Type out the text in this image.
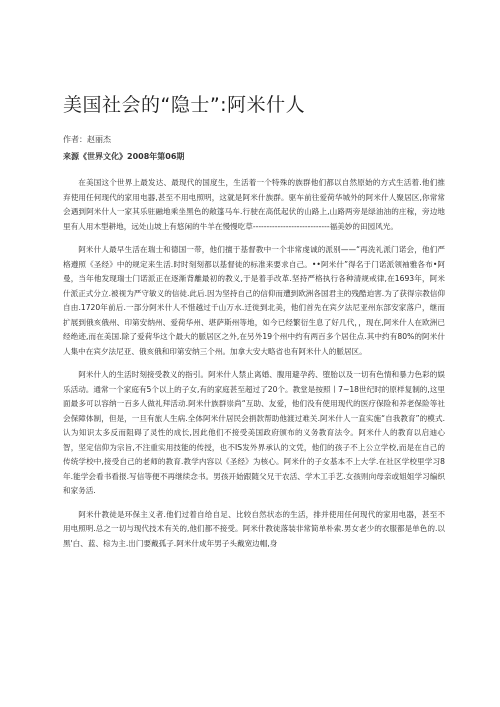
美国社会的“隐士”:阿米什人
作者：赵丽杰
来源《世界文化》2008年第06期

在美国这个世界上最发达、最现代的国度生，生活着一个特殊的族群他们都以自然原始的方式生活着.他们推弃使用任何现代的家用电器,甚至不用电照明，这就是阿米什族群。驱车前往爱荷华城外的阿米什人聚居区,你常常会遇到阿米什人一家其乐驻融地乘坐黑色的敞篷马车.行驶在高低起伏的山路上,山路两旁是绿油油的庄稼，旁边地里有人用木型耕地，远处山坡上有悠闲的牛羊在慢慢吃草----------------------------福美妙的田园风光。

阿米什人最早生活在瑞士和德国一带，他们擅于基督教中一个非常虔诚的派别——“再洗礼派门诺会，他们严格遵照《圣经》中的规定来生活.时时刻刻都以基督徒的标准来要求自己。••阿米什”得名于门诺派领袖雅各布•阿曼，当年他发现瑞士门诺派正在逐渐背離最初的教义,于是着手改革.坚持严格执行各种清规戒律,在1693年，阿米什派正式分立.被视为严守敏义的信徒.此后.因为坚持自己的信仰而遭到欧洲各国君主的残酷迫害.为了获得宗教信仰自由.1720年前后.一部分阿米什人不惜越过千山万水.迁徙到北美，他们首先在宾夕法尼亚州东部安家落户，继而扩展到俄亥俄州、印第安纳州、爱荷华州、堪萨斯州等地，如今已经繁衍生息了好几代，，现在,阿米什人在欧洲已经绝迹,而在美国.除了爱荷华这个最大的脈居区之外,在另外19个州中约有两百多个居住点.其中约有80%的阿米什人集中在宾夕法尼亚、俄亥俄和印第安纳三个州。加拿大安大略省也有阿米什人的脈居区。

阿米什人的生活时刻接受教义的指引。阿米什人禁止离婚、腹用避孕药、堕胎以及一切有色情和暴力色彩的娱乐活动。通常一个家庭有5个以上的子女,有的家庭甚至超过了20个。教堂是按照丨7~18世纪时的原样复制的,这里面最多可以容纳一百多人做礼拜活动.阿米什族群崇尚“互助、友爱，他们没有使用现代的医疗保险和养老保险等社会保障体制，但是，一旦有旅人生病.全体阿米什居民会捐款帮助他渡过难关.阿米什人一直实施“自我教育”的模式.认为知识太多反而阻碍了灵性的成长,因此他们不接受美国政府颁布的义务教育法令。阿米什人的教育以启迪心智，坚定信仰为宗旨,不注重实用技能的传授，也不IS发外界承认的文凭，他们的孩子不上公立学校,而是在自己的传统学校中,接受自己的老师的教育.教学内容以《圣经》为核心。阿米什的子女基本不上大学.在社区学校里学习8年.能学会看书看报.写信等便不再继续念书。男孩开始跟随父兄干农活、学木工手艺.女孩则向母亲或姐姐学习编织和家务活.

阿米什教徒是环保主义者.他们过着自给自足、比较自然状态的生活，排并使用任何现代的家用电器，甚至不用电照明.总之一切与现代技术有关的,他们都不接受。阿米什教徒落装非常简单朴索.男女老少的衣服都是单色的.以黑'白、蓝、棕为主.出门要戴孤子.阿米什成年男子头戴宽边帽,身
